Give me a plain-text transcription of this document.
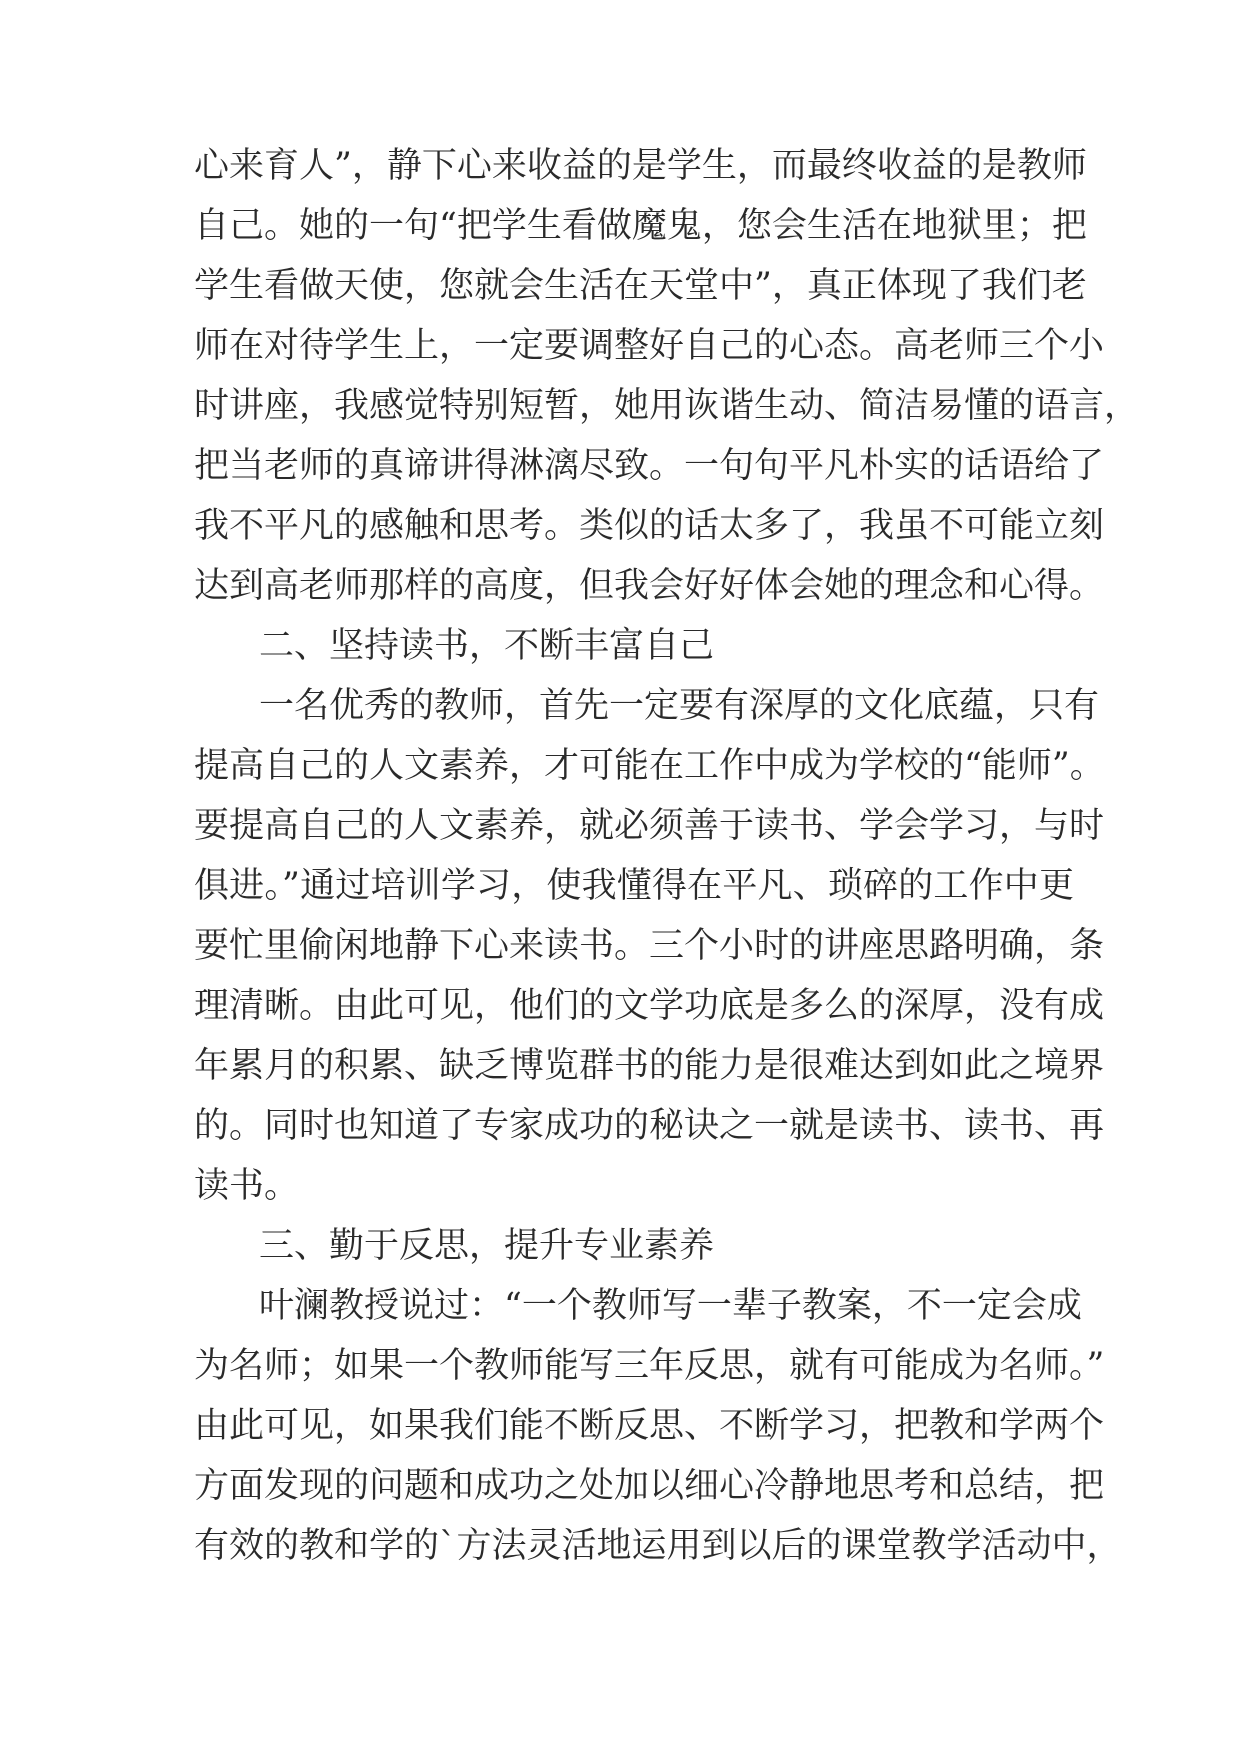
心来育人”，静下心来收益的是学生，而最终收益的是教师
自己。她的一句“把学生看做魔鬼，您会生活在地狱里；把
学生看做天使，您就会生活在天堂中”，真正体现了我们老
师在对待学生上，一定要调整好自己的心态。高老师三个小
时讲座，我感觉特别短暂，她用诙谐生动、简洁易懂的语言，
把当老师的真谛讲得淋漓尽致。一句句平凡朴实的话语给了
我不平凡的感触和思考。类似的话太多了，我虽不可能立刻
达到高老师那样的高度，但我会好好体会她的理念和心得。
二、坚持读书，不断丰富自己
一名优秀的教师，首先一定要有深厚的文化底蕴，只有
提高自己的人文素养，才可能在工作中成为学校的“能师”。
要提高自己的人文素养，就必须善于读书、学会学习，与时
俱进。”通过培训学习，使我懂得在平凡、琐碎的工作中更
要忙里偷闲地静下心来读书。三个小时的讲座思路明确，条
理清晰。由此可见，他们的文学功底是多么的深厚，没有成
年累月的积累、缺乏博览群书的能力是很难达到如此之境界
的。同时也知道了专家成功的秘诀之一就是读书、读书、再
读书。
三、勤于反思，提升专业素养
叶澜教授说过：“一个教师写一辈子教案，不一定会成
为名师；如果一个教师能写三年反思，就有可能成为名师。”
由此可见，如果我们能不断反思、不断学习，把教和学两个
方面发现的问题和成功之处加以细心冷静地思考和总结，把
有效的教和学的`方法灵活地运用到以后的课堂教学活动中，
